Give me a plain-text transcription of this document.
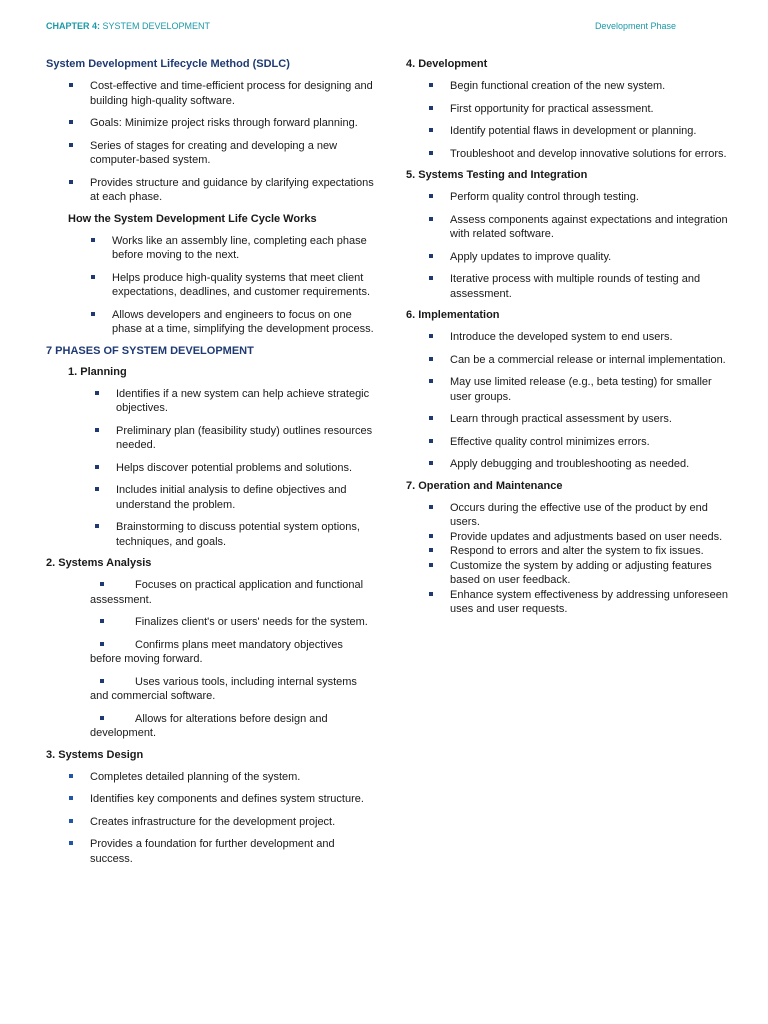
CHAPTER 4: SYSTEM DEVELOPMENT	Development Phase
System Development Lifecycle Method (SDLC)
Cost-effective and time-efficient process for designing and building high-quality software.
Goals: Minimize project risks through forward planning.
Series of stages for creating and developing a new computer-based system.
Provides structure and guidance by clarifying expectations at each phase.
How the System Development Life Cycle Works
Works like an assembly line, completing each phase before moving to the next.
Helps produce high-quality systems that meet client expectations, deadlines, and customer requirements.
Allows developers and engineers to focus on one phase at a time, simplifying the development process.
7 PHASES OF SYSTEM DEVELOPMENT
1. Planning
Identifies if a new system can help achieve strategic objectives.
Preliminary plan (feasibility study) outlines resources needed.
Helps discover potential problems and solutions.
Includes initial analysis to define objectives and understand the problem.
Brainstorming to discuss potential system options, techniques, and goals.
2. Systems Analysis
Focuses on practical application and functional assessment.
Finalizes client's or users' needs for the system.
Confirms plans meet mandatory objectives before moving forward.
Uses various tools, including internal systems and commercial software.
Allows for alterations before design and development.
3. Systems Design
Completes detailed planning of the system.
Identifies key components and defines system structure.
Creates infrastructure for the development project.
Provides a foundation for further development and success.
4. Development
Begin functional creation of the new system.
First opportunity for practical assessment.
Identify potential flaws in development or planning.
Troubleshoot and develop innovative solutions for errors.
5. Systems Testing and Integration
Perform quality control through testing.
Assess components against expectations and integration with related software.
Apply updates to improve quality.
Iterative process with multiple rounds of testing and assessment.
6. Implementation
Introduce the developed system to end users.
Can be a commercial release or internal implementation.
May use limited release (e.g., beta testing) for smaller user groups.
Learn through practical assessment by users.
Effective quality control minimizes errors.
Apply debugging and troubleshooting as needed.
7. Operation and Maintenance
Occurs during the effective use of the product by end users.
Provide updates and adjustments based on user needs.
Respond to errors and alter the system to fix issues.
Customize the system by adding or adjusting features based on user feedback.
Enhance system effectiveness by addressing unforeseen uses and user requests.
